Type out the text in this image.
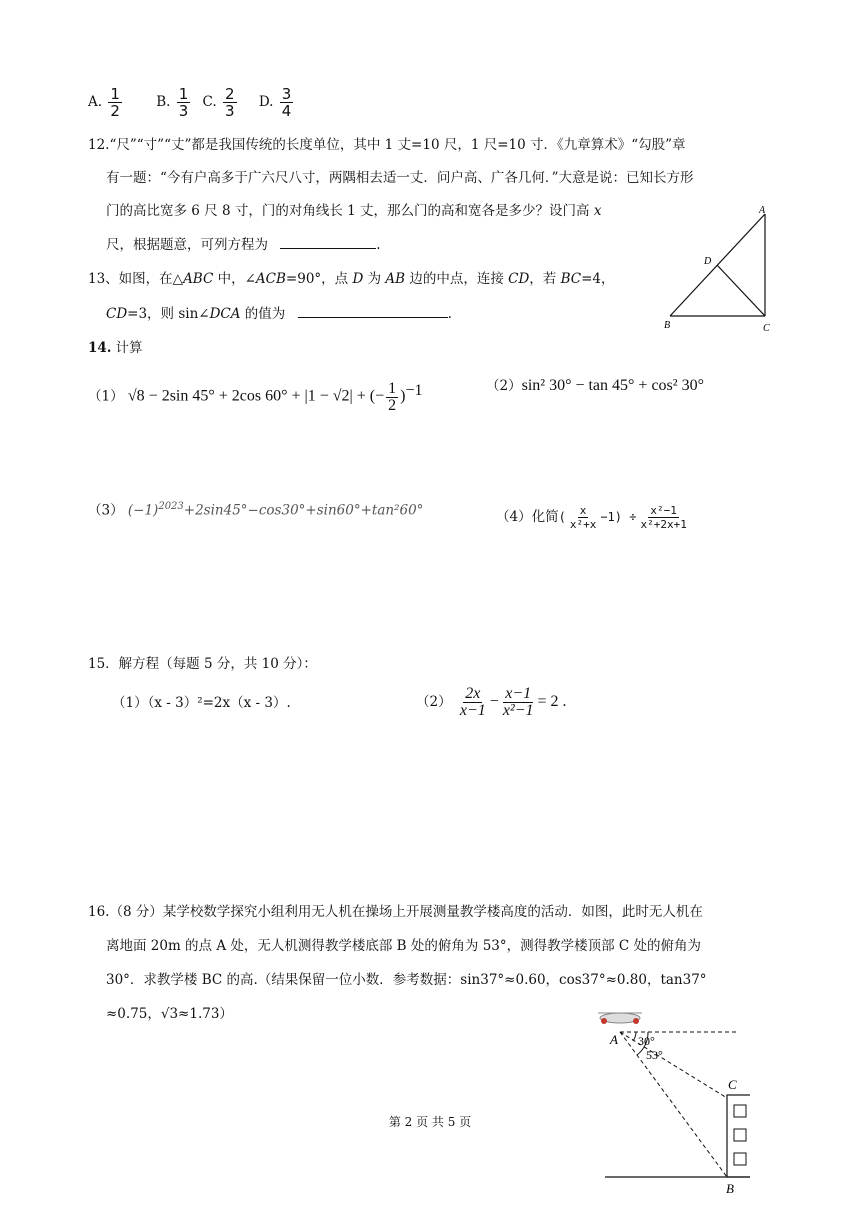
A. $\frac{1}{2}$	B. $\frac{1}{3} C$. $\frac{2}{3} D$. $\frac{3}{4}$
12.“尺”“寸”“丈”都是我国传统的长度单位，其中 1 丈=10 尺，1 尺=10 寸．《九章算术》“勾股”章
有一题：“今有户高多于广六尺八寸，两隅相去适一丈．问户高、广各几何．”大意是说：已知长方形
门的高比宽多 6 尺 8 寸，门的对角线长 1 丈，那么门的高和宽各是多少？设门高 x
尺，根据题意，可列方程为	.
13、如图，在△ABC 中，∠ACB=90°，点 D 为 AB 边的中点，连接 CD，若 BC=4，
CD=3，则 sin∠DCA 的值为	.
A
B	C
D
14. 计算
（1） √8 − 2sin 45° + 2cos 60° + |1 − √2| + (− $\frac{1}{2} )^{-1}$	（2）sin² 30° − tan 45° + cos² 30°
（3） $(-1)^{2023}+2\sin 45^\circ-\cos 30^\circ+\sin 60^\circ+\tan^260^\circ$	（4）化简( $\frac{x}{\text{x²+x}} -1) \div \frac{\text{x²−1}}{\text{x²+2x+1}}$
15．解方程（每题 5 分，共 10 分）：
（1）（x - 3）²=2x（x - 3）.	$(2) \frac{2x}{x-1} - \frac{x-1}{\text{x²−1}} = 2$ .
16.（8 分）某学校数学探究小组利用无人机在操场上开展测量教学楼高度的活动．如图，此时无人机在
离地面 20m 的点 A 处，无人机测得教学楼底部 B 处的俯角为 53°，测得教学楼顶部 C 处的俯角为
30°．求教学楼 BC 的高.（结果保留一位小数．参考数据：sin37°≈0.60，cos37°≈0.80，tan37°
≈0.75，√3≈1.73）
A 30°
53°
C
B
第 2 页 共 5 页
